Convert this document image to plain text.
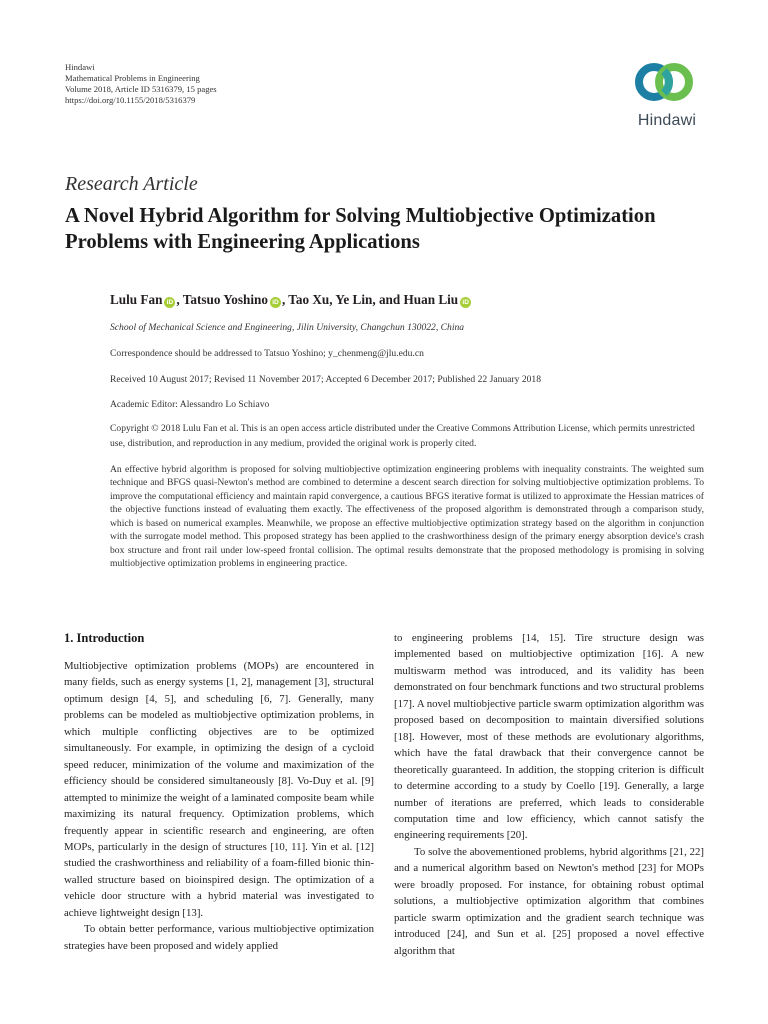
Hindawi
Mathematical Problems in Engineering
Volume 2018, Article ID 5316379, 15 pages
https://doi.org/10.1155/2018/5316379
Hindawi
Research Article
A Novel Hybrid Algorithm for Solving Multiobjective Optimization Problems with Engineering Applications
Lulu Fan iD , Tatsuo Yoshino iD , Tao Xu, Ye Lin, and Huan Liu iD
School of Mechanical Science and Engineering, Jilin University, Changchun 130022, China
Correspondence should be addressed to Tatsuo Yoshino; y_chenmeng@jlu.edu.cn
Received 10 August 2017; Revised 11 November 2017; Accepted 6 December 2017; Published 22 January 2018
Academic Editor: Alessandro Lo Schiavo
Copyright © 2018 Lulu Fan et al. This is an open access article distributed under the Creative Commons Attribution License, which permits unrestricted use, distribution, and reproduction in any medium, provided the original work is properly cited.
An effective hybrid algorithm is proposed for solving multiobjective optimization engineering problems with inequality constraints. The weighted sum technique and BFGS quasi-Newton's method are combined to determine a descent search direction for solving multiobjective optimization problems. To improve the computational efficiency and maintain rapid convergence, a cautious BFGS iterative format is utilized to approximate the Hessian matrices of the objective functions instead of evaluating them exactly. The effectiveness of the proposed algorithm is demonstrated through a comparison study, which is based on numerical examples. Meanwhile, we propose an effective multiobjective optimization strategy based on the algorithm in conjunction with the surrogate model method. This proposed strategy has been applied to the crashworthiness design of the primary energy absorption device's crash box structure and front rail under low-speed frontal collision. The optimal results demonstrate that the proposed methodology is promising in solving multiobjective optimization problems in engineering practice.
1. Introduction

Multiobjective optimization problems (MOPs) are encountered in many fields, such as energy systems [1, 2], management [3], structural optimum design [4, 5], and scheduling [6, 7]. Generally, many problems can be modeled as multiobjective optimization problems, in which multiple conflicting objectives are to be optimized simultaneously. For example, in optimizing the design of a cycloid speed reducer, minimization of the volume and maximization of the efficiency should be considered simultaneously [8]. Vo-Duy et al. [9] attempted to minimize the weight of a laminated composite beam while maximizing its natural frequency. Optimization problems, which frequently appear in scientific research and engineering, are often MOPs, particularly in the design of structures [10, 11]. Yin et al. [12] studied the crashworthiness and reliability of a foam-filled bionic thin-walled structure based on bioinspired design. The optimization of a vehicle door structure with a hybrid material was investigated to achieve lightweight design [13].

To obtain better performance, various multiobjective optimization strategies have been proposed and widely applied

to engineering problems [14, 15]. Tire structure design was implemented based on multiobjective optimization [16]. A new multiswarm method was introduced, and its validity has been demonstrated on four benchmark functions and two structural problems [17]. A novel multiobjective particle swarm optimization algorithm was proposed based on decomposition to maintain diversified solutions [18]. However, most of these methods are evolutionary algorithms, which have the fatal drawback that their convergence cannot be theoretically guaranteed. In addition, the stopping criterion is difficult to determine according to a study by Coello [19]. Generally, a large number of iterations are preferred, which leads to considerable computation time and low efficiency, which cannot satisfy the engineering requirements [20].

To solve the abovementioned problems, hybrid algorithms [21, 22] and a numerical algorithm based on Newton's method [23] for MOPs were broadly proposed. For instance, for obtaining robust optimal solutions, a multiobjective optimization algorithm that combines particle swarm optimization and the gradient search technique was introduced [24], and Sun et al. [25] proposed a novel effective algorithm that
